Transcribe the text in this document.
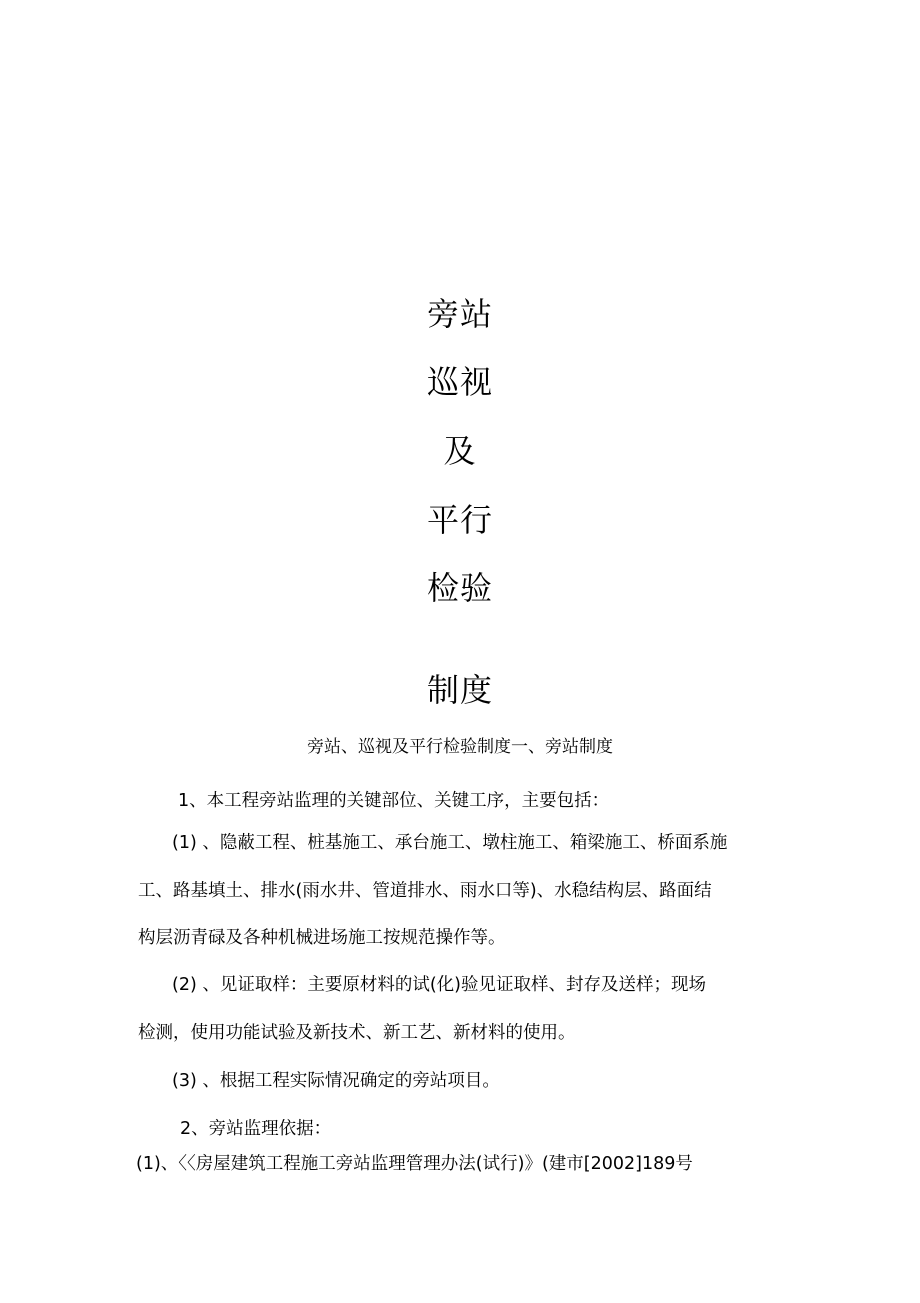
旁站
巡视
及
平行
检验
制度
旁站、巡视及平行检验制度一、旁站制度
1、本工程旁站监理的关键部位、关键工序，主要包括：
(1) 、隐蔽工程、桩基施工、承台施工、墩柱施工、箱梁施工、桥面系施
工、路基填土、排水(雨水井、管道排水、雨水口等)、水稳结构层、路面结
构层沥青碌及各种机械进场施工按规范操作等。
(2) 、见证取样：主要原材料的试(化)验见证取样、封存及送样；现场
检测，使用功能试验及新技术、新工艺、新材料的使用。
(3) 、根据工程实际情况确定的旁站项目。
2、旁站监理依据：
(1)、〈〈房屋建筑工程施工旁站监理管理办法(试行)》(建市[2002]189号
